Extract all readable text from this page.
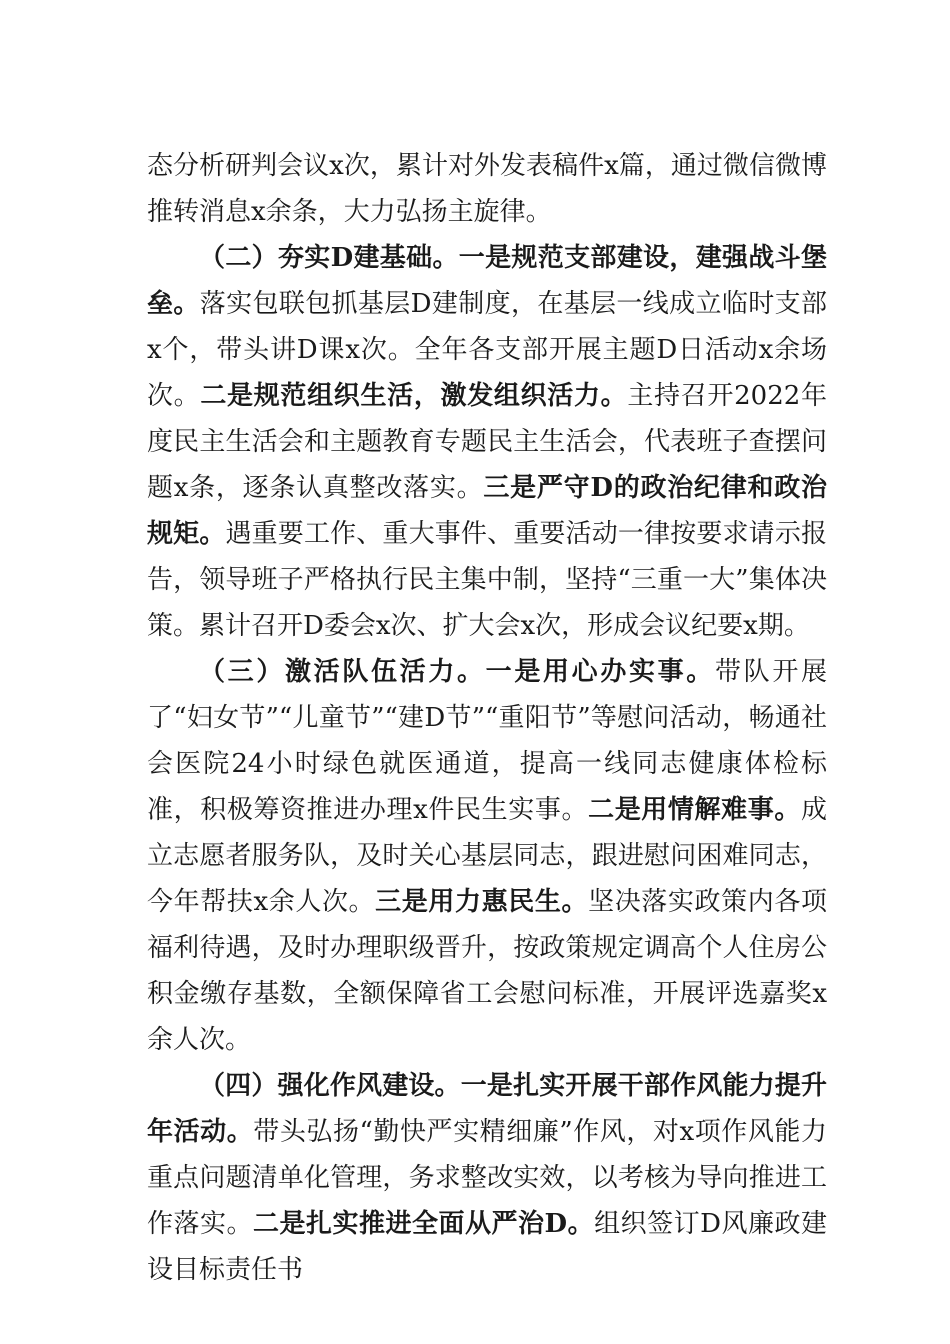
态分析研判会议x次，累计对外发表稿件x篇，通过微信微博推转消息x余条，大力弘扬主旋律。

（二）夯实D建基础。一是规范支部建设，建强战斗堡垒。落实包联包抓基层D建制度，在基层一线成立临时支部x个，带头讲D课x次。全年各支部开展主题D日活动x余场次。二是规范组织生活，激发组织活力。主持召开2022年度民主生活会和主题教育专题民主生活会，代表班子查摆问题x条，逐条认真整改落实。三是严守D的政治纪律和政治规矩。遇重要工作、重大事件、重要活动一律按要求请示报告，领导班子严格执行民主集中制，坚持“三重一大”集体决策。累计召开D委会x次、扩大会x次，形成会议纪要x期。

（三）激活队伍活力。一是用心办实事。带队开展了“妇女节”“儿童节”“建D节”“重阳节”等慰问活动，畅通社会医院24小时绿色就医通道，提高一线同志健康体检标准，积极筹资推进办理x件民生实事。二是用情解难事。成立志愿者服务队，及时关心基层同志，跟进慰问困难同志，今年帮扶x余人次。三是用力惠民生。坚决落实政策内各项福利待遇，及时办理职级晋升，按政策规定调高个人住房公积金缴存基数，全额保障省工会慰问标准，开展评选嘉奖x余人次。

（四）强化作风建设。一是扎实开展干部作风能力提升年活动。带头弘扬“勤快严实精细廉”作风，对x项作风能力重点问题清单化管理，务求整改实效，以考核为导向推进工作落实。二是扎实推进全面从严治D。组织签订D风廉政建设目标责任书
